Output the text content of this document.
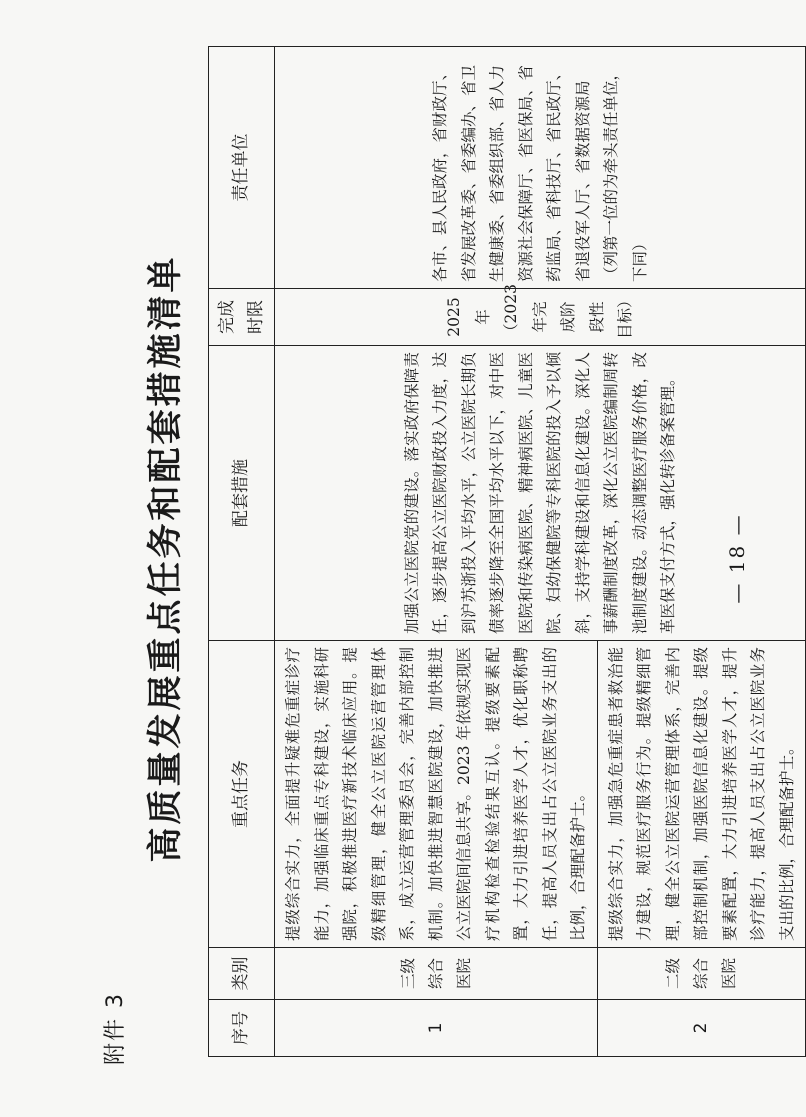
附件 3
高质量发展重点任务和配套措施清单
序号	类别	重点任务	配套措施	完成时限	责任单位
1	三级综合医院	提级综合实力，全面提升疑难危重症诊疗能力，加强临床重点专科建设，实施科研强院，积极推进医疗新技术临床应用。提级精细管理，健全公立医院运营管理体系，成立运营管理委员会，完善内部控制机制。加快推进智慧医院建设，加快推进公立医院间信息共享。2023 年依规实现医疗机构检查检验结果互认。提级要素配置，大力引进培养医学人才，优化职称聘任，提高人员支出占公立医院业务支出的比例，合理配备护士。	加强公立医院党的建设。落实政府保障责任，逐步提高公立医院财政投入力度，达到沪苏浙投入平均水平，公立医院长期负债率逐步降至全国平均水平以下，对中医医院和传染病医院、精神病医院、儿童医院、妇幼保健院等专科医院的投入予以倾斜，支持学科建设和信息化建设。深化人事薪酬制度改革，深化公立医院编制周转池制度建设。动态调整医疗服务价格，改革医保支付方式，强化转诊备案管理。	2025 年（2023 年完成阶段性目标）	各市、县人民政府，省财政厅、省发展改革委、省委编办、省卫生健康委、省委组织部、省人力资源社会保障厅、省医保局、省药监局、省科技厅、省民政厅、省退役军人厅、省数据资源局（列第一位的为牵头责任单位，下同）
2	二级综合医院	提级综合实力，加强急危重症患者救治能力建设，规范医疗服务行为。提级精细管理，健全公立医院运营管理体系，完善内部控制机制，加强医院信息化建设。提级要素配置，大力引进培养医学人才，提升诊疗能力，提高人员支出占公立医院业务支出的比例，合理配备护士。			
— 18 —
